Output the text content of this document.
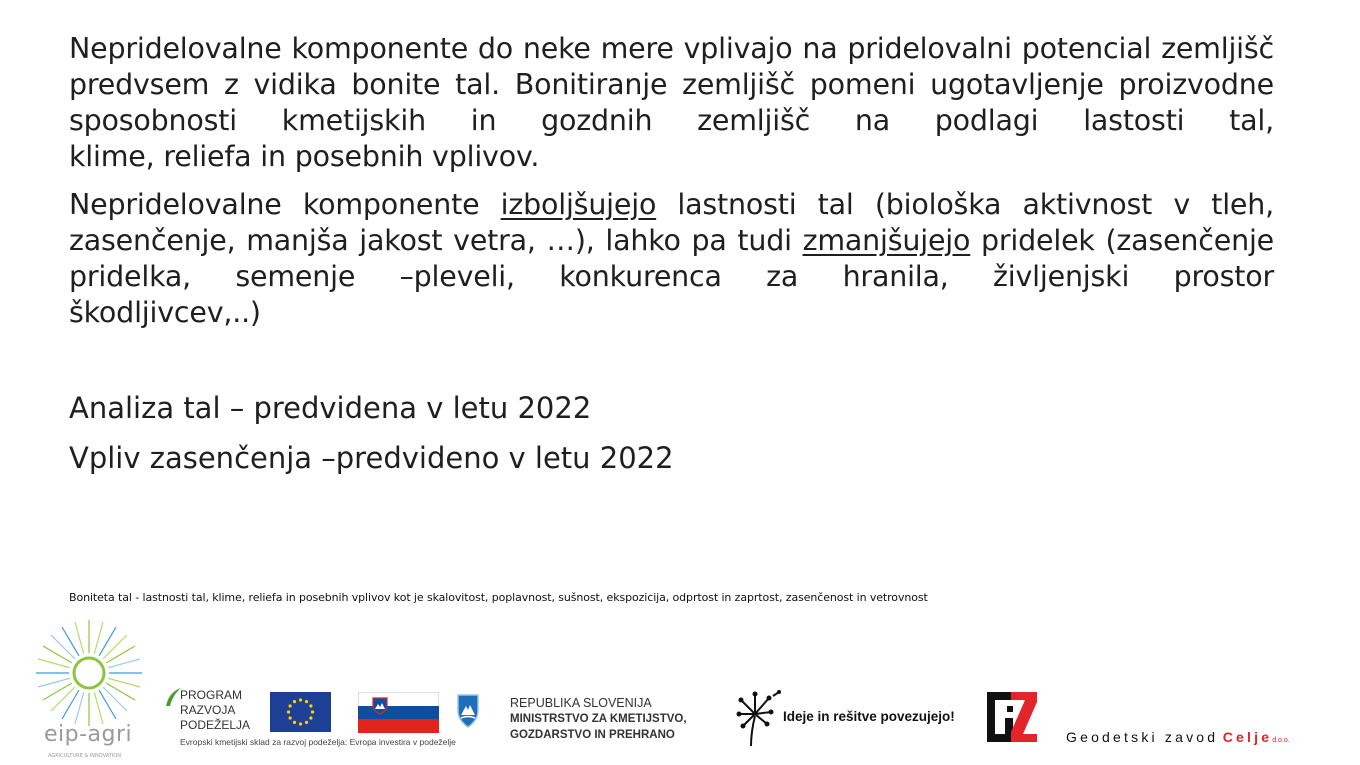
Nepridelovalne komponente do neke mere vplivajo na pridelovalni potencial zemljišč predvsem z vidika bonite tal. Bonitiranje zemljišč pomeni ugotavljenje proizvodne sposobnosti kmetijskih in gozdnih zemljišč na podlagi lastosti tal,
klime, reliefa in posebnih vplivov.
Nepridelovalne komponente izboljšujejo lastnosti tal (biološka aktivnost v tleh, zasenčenje, manjša jakost vetra, …), lahko pa tudi zmanjšujejo pridelek (zasenčenje pridelka, semenje –pleveli, konkurenca za hranila, življenjski prostor
škodljivcev,..)

Analiza tal – predvidena v letu 2022

Vpliv zasenčenja –predvideno v letu 2022

Boniteta tal - lastnosti tal, klime, reliefa in posebnih vplivov kot je skalovitost, poplavnost, sušnost, ekspozicija, odprtost in zaprtost, zasenčenost in vetrovnost

eip-agri
AGRICULTURE & INNOVATION
PROGRAM
RAZVOJA
PODEŽELJA
Evropski kmetijski sklad za razvoj podeželja: Evropa investira v podeželje
REPUBLIKA SLOVENIJA
MINISTRSTVO ZA KMETIJSTVO,
GOZDARSTVO IN PREHRANO
Ideje in rešitve povezujejo!
Geodetski zavod Celjed.o.o.
